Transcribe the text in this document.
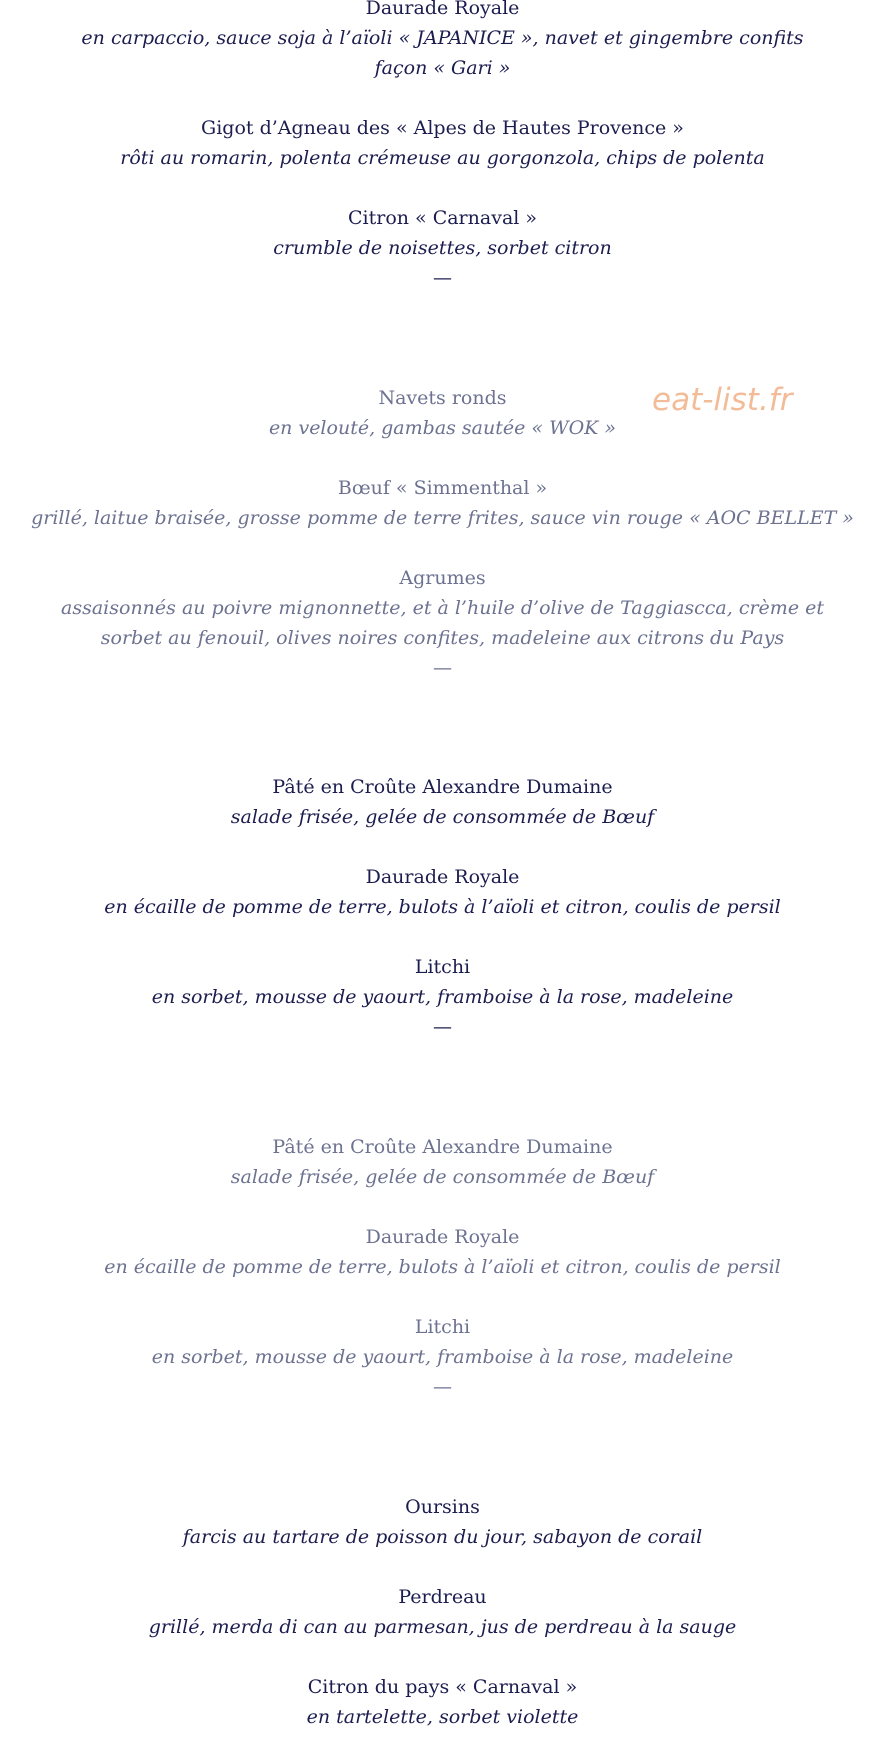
Daurade Royale

en carpaccio, sauce soja à l’aïoli « JAPANICE », navet et gingembre confits façon « Gari »

Gigot d’Agneau des « Alpes de Hautes Provence »

rôti au romarin, polenta crémeuse au gorgonzola, chips de polenta

Citron « Carnaval »

crumble de noisettes, sorbet citron

—

Navets ronds

en velouté, gambas sautée « WOK »

Bœuf « Simmenthal »

grillé, laitue braisée, grosse pomme de terre frites, sauce vin rouge « AOC BELLET »

Agrumes

assaisonnés au poivre mignonnette, et à l’huile d’olive de Taggiascca, crème et sorbet au fenouil, olives noires confites, madeleine aux citrons du Pays

—

Pâté en Croûte Alexandre Dumaine

salade frisée, gelée de consommée de Bœuf

Daurade Royale

en écaille de pomme de terre, bulots à l’aïoli et citron, coulis de persil

Litchi

en sorbet, mousse de yaourt, framboise à la rose, madeleine

—

Pâté en Croûte Alexandre Dumaine

salade frisée, gelée de consommée de Bœuf

Daurade Royale

en écaille de pomme de terre, bulots à l’aïoli et citron, coulis de persil

Litchi

en sorbet, mousse de yaourt, framboise à la rose, madeleine

—

Oursins

farcis au tartare de poisson du jour, sabayon de corail

Perdreau

grillé, merda di can au parmesan, jus de perdreau à la sauge

Citron du pays « Carnaval »

en tartelette, sorbet violette

eat-list.fr
